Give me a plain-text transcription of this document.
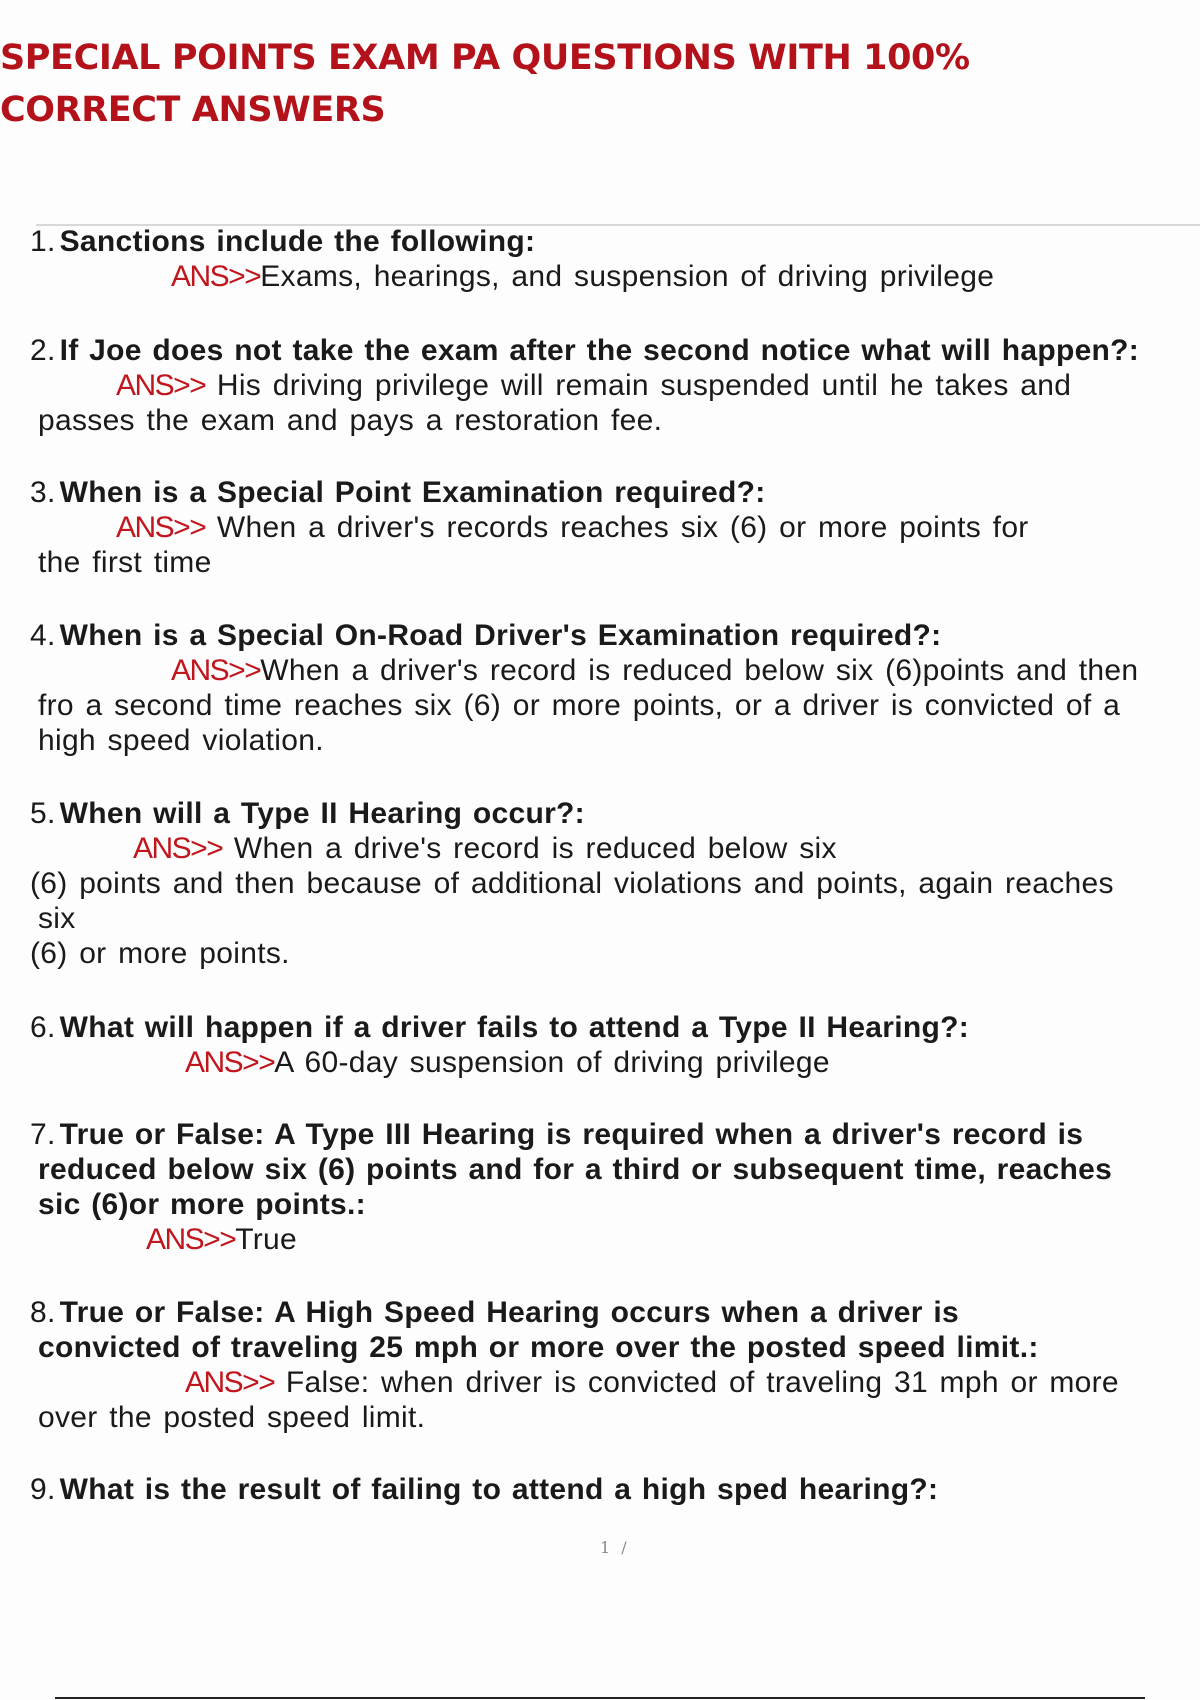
SPECIAL POINTS EXAM PA QUESTIONS WITH 100% CORRECT ANSWERS
1. Sanctions include the following:
ANS>>Exams, hearings, and suspension of driving privilege
2. If Joe does not take the exam after the second notice what will happen?:
ANS>> His driving privilege will remain suspended until he takes and
passes the exam and pays a restoration fee.
3. When is a Special Point Examination required?:
ANS>> When a driver's records reaches six (6) or more points for
the first time
4. When is a Special On-Road Driver's Examination required?:
ANS>>When a driver's record is reduced below six (6)points and then
fro a second time reaches six (6) or more points, or a driver is convicted of a
high speed violation.
5. When will a Type II Hearing occur?:
ANS>> When a drive's record is reduced below six
(6) points and then because of additional violations and points, again reaches
six
(6) or more points.
6. What will happen if a driver fails to attend a Type II Hearing?:
ANS>>A 60-day suspension of driving privilege
7. True or False: A Type III Hearing is required when a driver's record is
reduced below six (6) points and for a third or subsequent time, reaches
sic (6)or more points.:
ANS>>True
8. True or False: A High Speed Hearing occurs when a driver is
convicted of traveling 25 mph or more over the posted speed limit.:
ANS>> False: when driver is convicted of traveling 31 mph or more
over the posted speed limit.
9. What is the result of failing to attend a high sped hearing?:
1 /
